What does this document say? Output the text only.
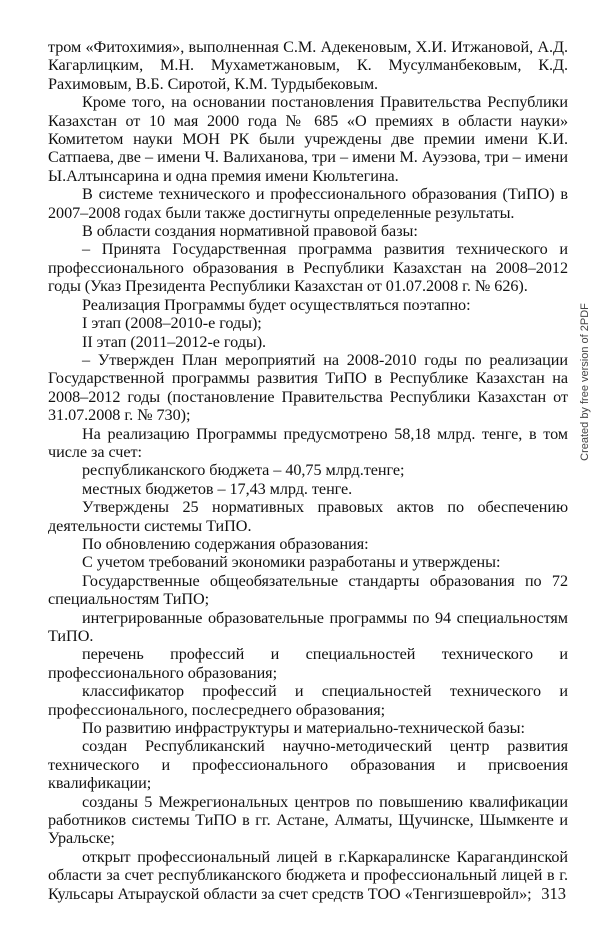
тром «Фитохимия», выполненная С.М. Адекеновым, Х.И. Итжановой, А.Д. Кагарлицким, М.Н. Мухаметжановым, К. Мусулманбековым, К.Д. Рахимовым, В.Б. Сиротой, К.М. Турдыбековым.

Кроме того, на основании постановления Правительства Республики Казахстан от 10 мая 2000 года № 685 «О премиях в области науки» Комитетом науки МОН РК были учреждены две премии имени К.И. Сатпаева, две – имени Ч. Валиханова, три – имени М. Ауэзова, три – имени Ы.Алтынсарина и одна премия имени Кюльтегина.

В системе технического и профессионального образования (ТиПО) в 2007–2008 годах были также достигнуты определенные результаты.

В области создания нормативной правовой базы:

– Принята Государственная программа развития технического и профессионального образования в Республики Казахстан на 2008–2012 годы (Указ Президента Республики Казахстан от 01.07.2008 г. № 626).

Реализация Программы будет осуществляться поэтапно:

I этап (2008–2010-е годы);

II этап (2011–2012-е годы).

– Утвержден План мероприятий на 2008-2010 годы по реализации Государственной программы развития ТиПО в Республике Казахстан на 2008–2012 годы (постановление Правительства Республики Казахстан от 31.07.2008 г. № 730);

На реализацию Программы предусмотрено 58,18 млрд. тенге, в том числе за счет:

республиканского бюджета – 40,75 млрд.тенге;

местных бюджетов – 17,43 млрд. тенге.

Утверждены 25 нормативных правовых актов по обеспечению деятельности системы ТиПО.

По обновлению содержания образования:

С учетом требований экономики разработаны и утверждены:

Государственные общеобязательные стандарты образования по 72 специальностям ТиПО;

интегрированные образовательные программы по 94 специальностям ТиПО.

перечень профессий и специальностей технического и профессионального образования;

классификатор профессий и специальностей технического и профессионального, послесреднего образования;

По развитию инфраструктуры и материально-технической базы:

создан Республиканский научно-методический центр развития технического и профессионального образования и присвоения квалификации;

созданы 5 Межрегиональных центров по повышению квалификации работников системы ТиПО в гг. Астане, Алматы, Щучинске, Шымкенте и Уральске;

открыт профессиональный лицей в г.Каркаралинске Карагандинской области за счет республиканского бюджета и профессиональный лицей в г. Кульсары Атырауской области за счет средств ТОО «Тенгизшевройл»; 313
Created by free version of 2PDF
